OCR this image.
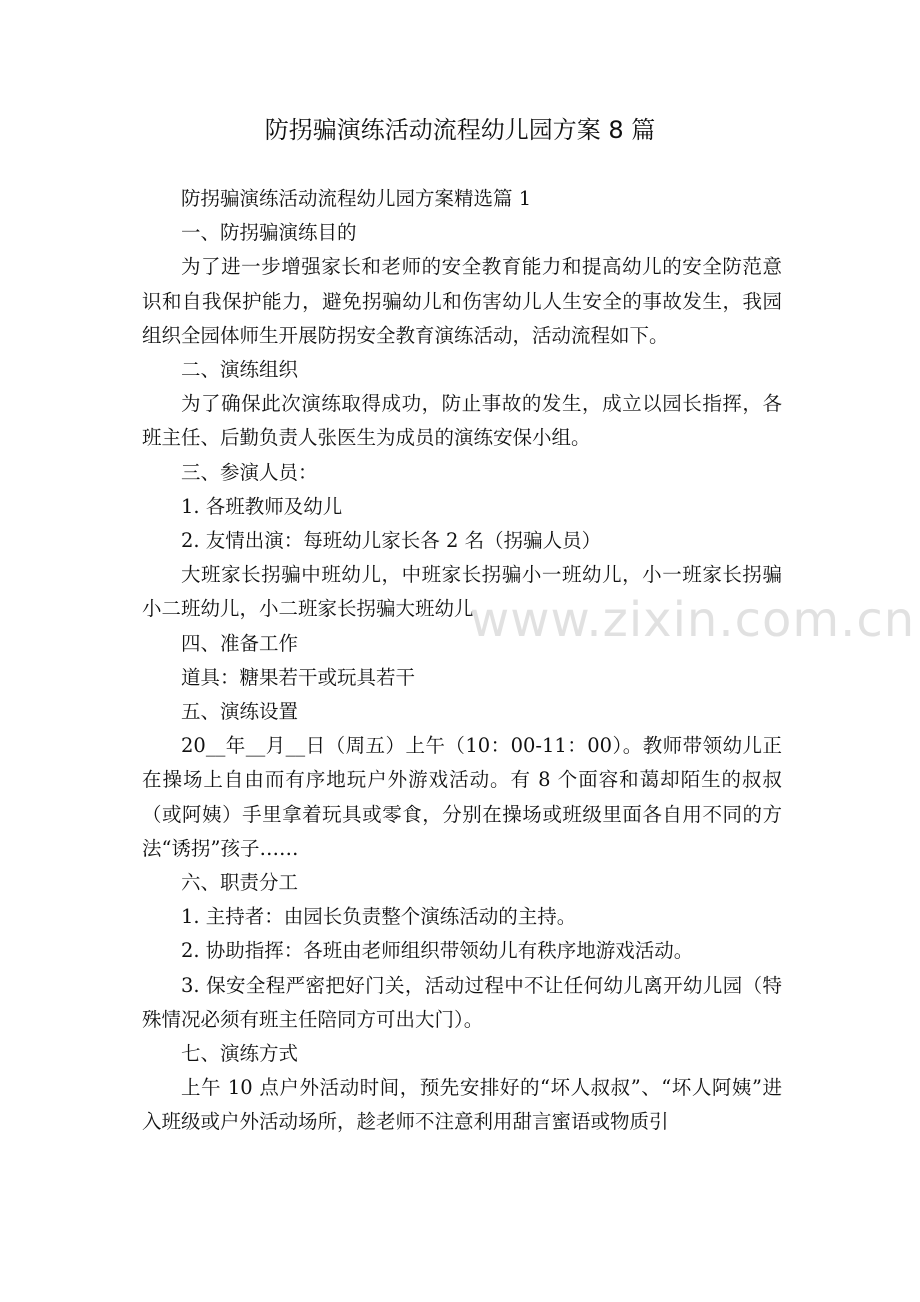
防拐骗演练活动流程幼儿园方案 8 篇

防拐骗演练活动流程幼儿园方案精选篇 1

一、防拐骗演练目的

为了进一步增强家长和老师的安全教育能力和提高幼儿的安全防范意识和自我保护能力，避免拐骗幼儿和伤害幼儿人生安全的事故发生，我园组织全园体师生开展防拐安全教育演练活动，活动流程如下。

二、演练组织

为了确保此次演练取得成功，防止事故的发生，成立以园长指挥，各班主任、后勤负责人张医生为成员的演练安保小组。

三、参演人员：

1. 各班教师及幼儿

2. 友情出演：每班幼儿家长各 2 名（拐骗人员）

大班家长拐骗中班幼儿，中班家长拐骗小一班幼儿，小一班家长拐骗小二班幼儿，小二班家长拐骗大班幼儿

四、准备工作

道具：糖果若干或玩具若干

五、演练设置

20__年__月__日（周五）上午（10：00-11：00）。教师带领幼儿正在操场上自由而有序地玩户外游戏活动。有 8 个面容和蔼却陌生的叔叔（或阿姨）手里拿着玩具或零食，分别在操场或班级里面各自用不同的方法“诱拐”孩子……

六、职责分工

1. 主持者：由园长负责整个演练活动的主持。

2. 协助指挥：各班由老师组织带领幼儿有秩序地游戏活动。

3. 保安全程严密把好门关，活动过程中不让任何幼儿离开幼儿园（特殊情况必须有班主任陪同方可出大门）。

七、演练方式

上午 10 点户外活动时间，预先安排好的“坏人叔叔”、“坏人阿姨”进入班级或户外活动场所，趁老师不注意利用甜言蜜语或物质引

www.zixin.com.cn
